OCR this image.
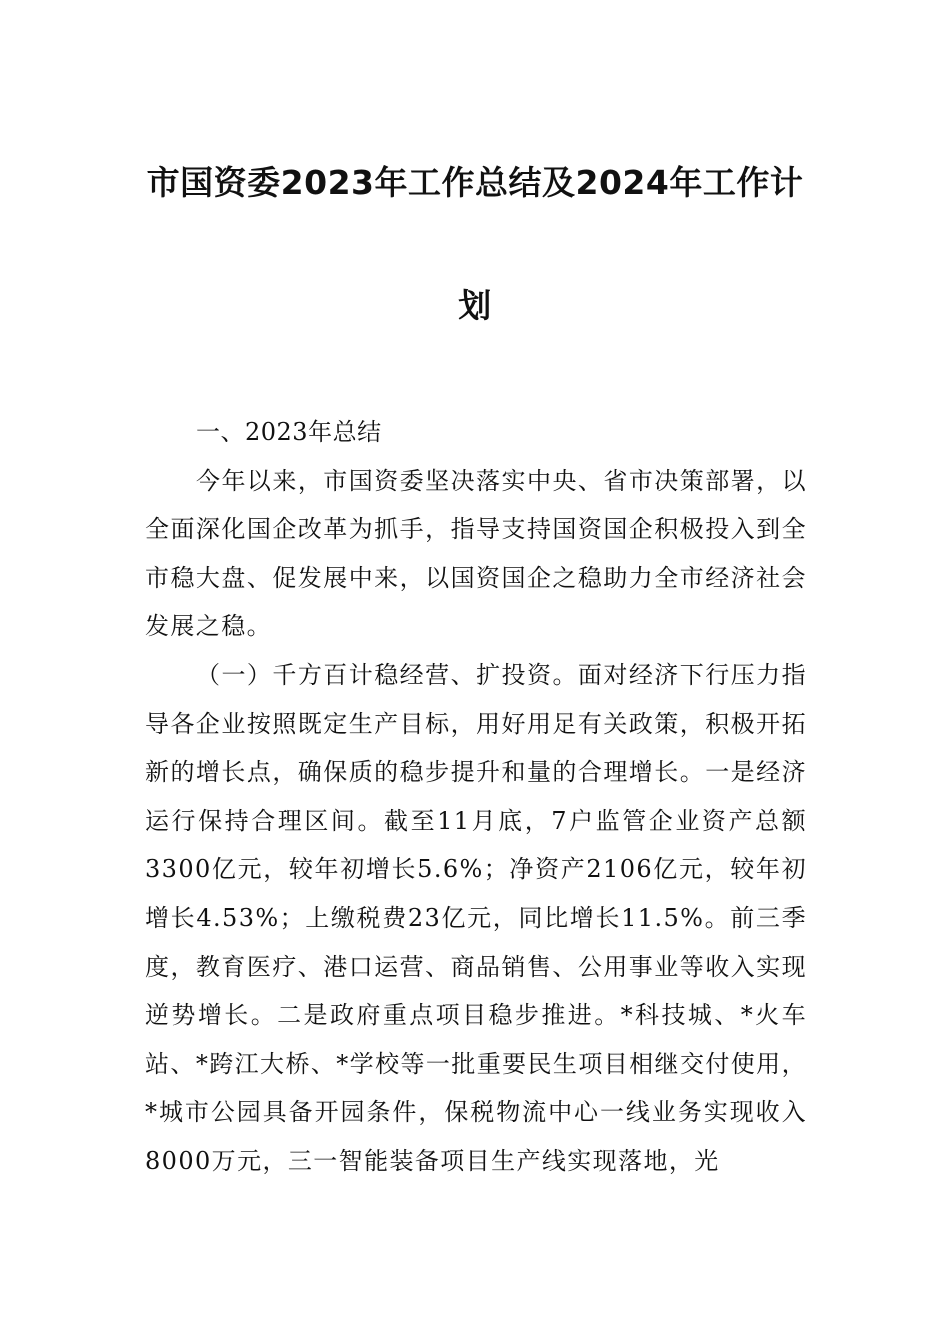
市国资委2023年工作总结及2024年工作计
划

一、2023年总结

今年以来，市国资委坚决落实中央、省市决策部署，以全面深化国企改革为抓手，指导支持国资国企积极投入到全市稳大盘、促发展中来，以国资国企之稳助力全市经济社会发展之稳。

（一）千方百计稳经营、扩投资。面对经济下行压力指导各企业按照既定生产目标，用好用足有关政策，积极开拓新的增长点，确保质的稳步提升和量的合理增长。一是经济运行保持合理区间。截至11月底，7户监管企业资产总额3300亿元，较年初增长5.6%；净资产2106亿元，较年初增长4.53%；上缴税费23亿元，同比增长11.5%。前三季度，教育医疗、港口运营、商品销售、公用事业等收入实现逆势增长。二是政府重点项目稳步推进。*科技城、*火车站、*跨江大桥、*学校等一批重要民生项目相继交付使用，*城市公园具备开园条件，保税物流中心一线业务实现收入8000万元，三一智能装备项目生产线实现落地，光
